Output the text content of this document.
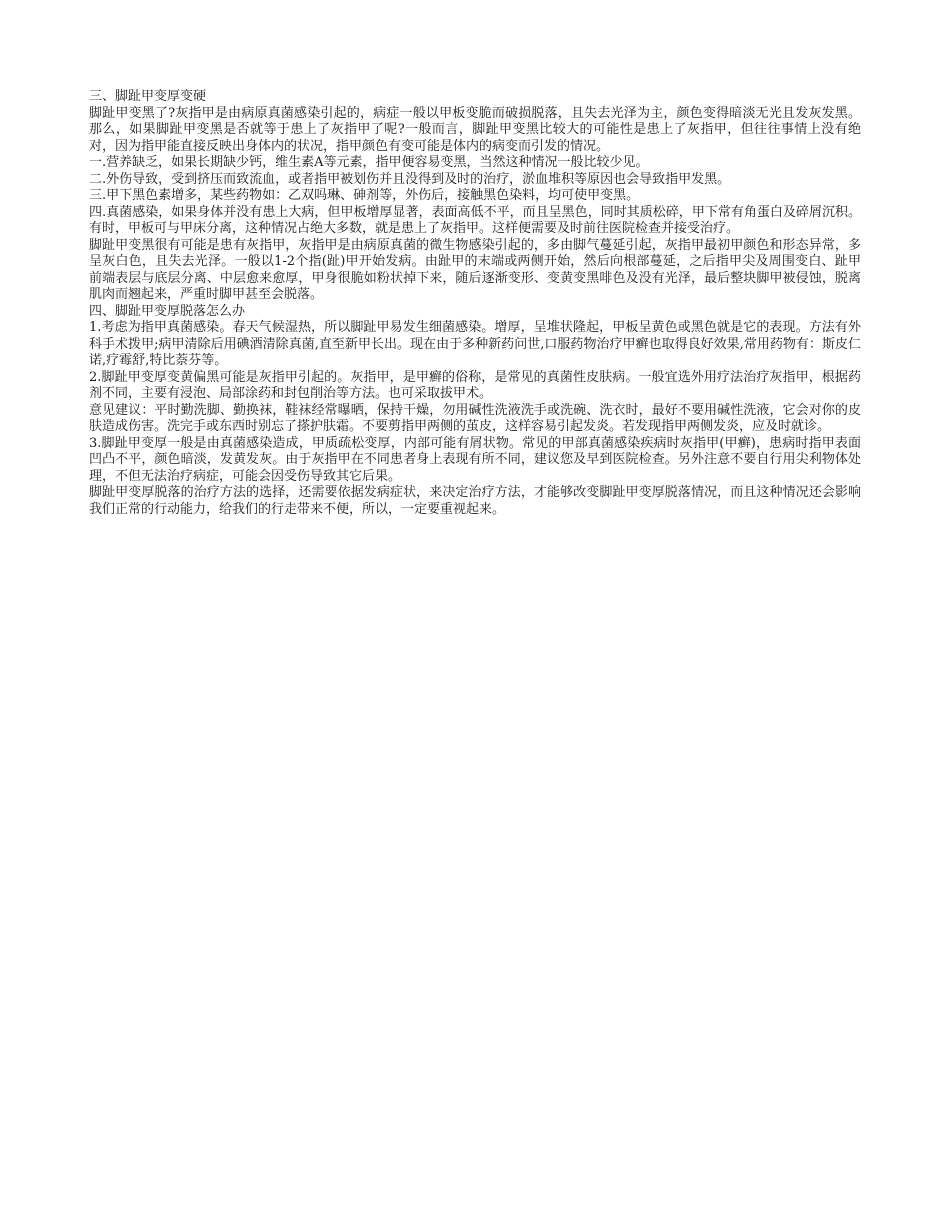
三、脚趾甲变厚变硬

脚趾甲变黑了?灰指甲是由病原真菌感染引起的，病症一般以甲板变脆而破损脱落，且失去光泽为主，颜色变得暗淡无光且发灰发黑。那么，如果脚趾甲变黑是否就等于患上了灰指甲了呢?一般而言，脚趾甲变黑比较大的可能性是患上了灰指甲，但往往事情上没有绝对，因为指甲能直接反映出身体内的状况，指甲颜色有变可能是体内的病变而引发的情况。

一.营养缺乏，如果长期缺少钙，维生素A等元素，指甲便容易变黑，当然这种情况一般比较少见。

二.外伤导致，受到挤压而致流血，或者指甲被划伤并且没得到及时的治疗，淤血堆积等原因也会导致指甲发黑。

三.甲下黑色素增多，某些药物如：乙双吗琳、砷剂等，外伤后，接触黑色染料，均可使甲变黑。

四.真菌感染，如果身体并没有患上大病，但甲板增厚显著，表面高低不平，而且呈黑色，同时其质松碎，甲下常有角蛋白及碎屑沉积。有时，甲板可与甲床分离，这种情况占绝大多数，就是患上了灰指甲。这样便需要及时前往医院检查并接受治疗。

脚趾甲变黑很有可能是患有灰指甲，灰指甲是由病原真菌的微生物感染引起的，多由脚气蔓延引起，灰指甲最初甲颜色和形态异常，多呈灰白色，且失去光泽。一般以1-2个指(趾)甲开始发病。由趾甲的末端或两侧开始，然后向根部蔓延，之后指甲尖及周围变白、趾甲前端表层与底层分离、中层愈来愈厚，甲身很脆如粉状掉下来，随后逐渐变形、变黄变黑啡色及没有光泽，最后整块脚甲被侵蚀，脱离肌肉而翘起来，严重时脚甲甚至会脱落。

四、脚趾甲变厚脱落怎么办

1.考虑为指甲真菌感染。春天气候湿热，所以脚趾甲易发生细菌感染。增厚，呈堆状隆起，甲板呈黄色或黑色就是它的表现。方法有外科手术拨甲;病甲清除后用碘酒清除真菌,直至新甲长出。现在由于多种新药问世,口服药物治疗甲癣也取得良好效果,常用药物有：斯皮仁诺,疗霉舒,特比萘芬等。

2.脚趾甲变厚变黄偏黑可能是灰指甲引起的。灰指甲，是甲癣的俗称，是常见的真菌性皮肤病。一般宜选外用疗法治疗灰指甲，根据药剂不同，主要有浸泡、局部涂药和封包削治等方法。也可采取拔甲术。

意见建议：平时勤洗脚、勤换袜，鞋袜经常曝晒，保持干燥，勿用碱性洗液洗手或洗碗、洗衣时，最好不要用碱性洗液，它会对你的皮肤造成伤害。洗完手或东西时别忘了搽护肤霜。不要剪指甲两侧的茧皮，这样容易引起发炎。若发现指甲两侧发炎，应及时就诊。

3.脚趾甲变厚一般是由真菌感染造成，甲质疏松变厚，内部可能有屑状物。常见的甲部真菌感染疾病时灰指甲(甲癣)，患病时指甲表面凹凸不平，颜色暗淡，发黄发灰。由于灰指甲在不同患者身上表现有所不同，建议您及早到医院检查。另外注意不要自行用尖利物体处理，不但无法治疗病症，可能会因受伤导致其它后果。

脚趾甲变厚脱落的治疗方法的选择，还需要依据发病症状，来决定治疗方法，才能够改变脚趾甲变厚脱落情况，而且这种情况还会影响我们正常的行动能力，给我们的行走带来不便，所以，一定要重视起来。
